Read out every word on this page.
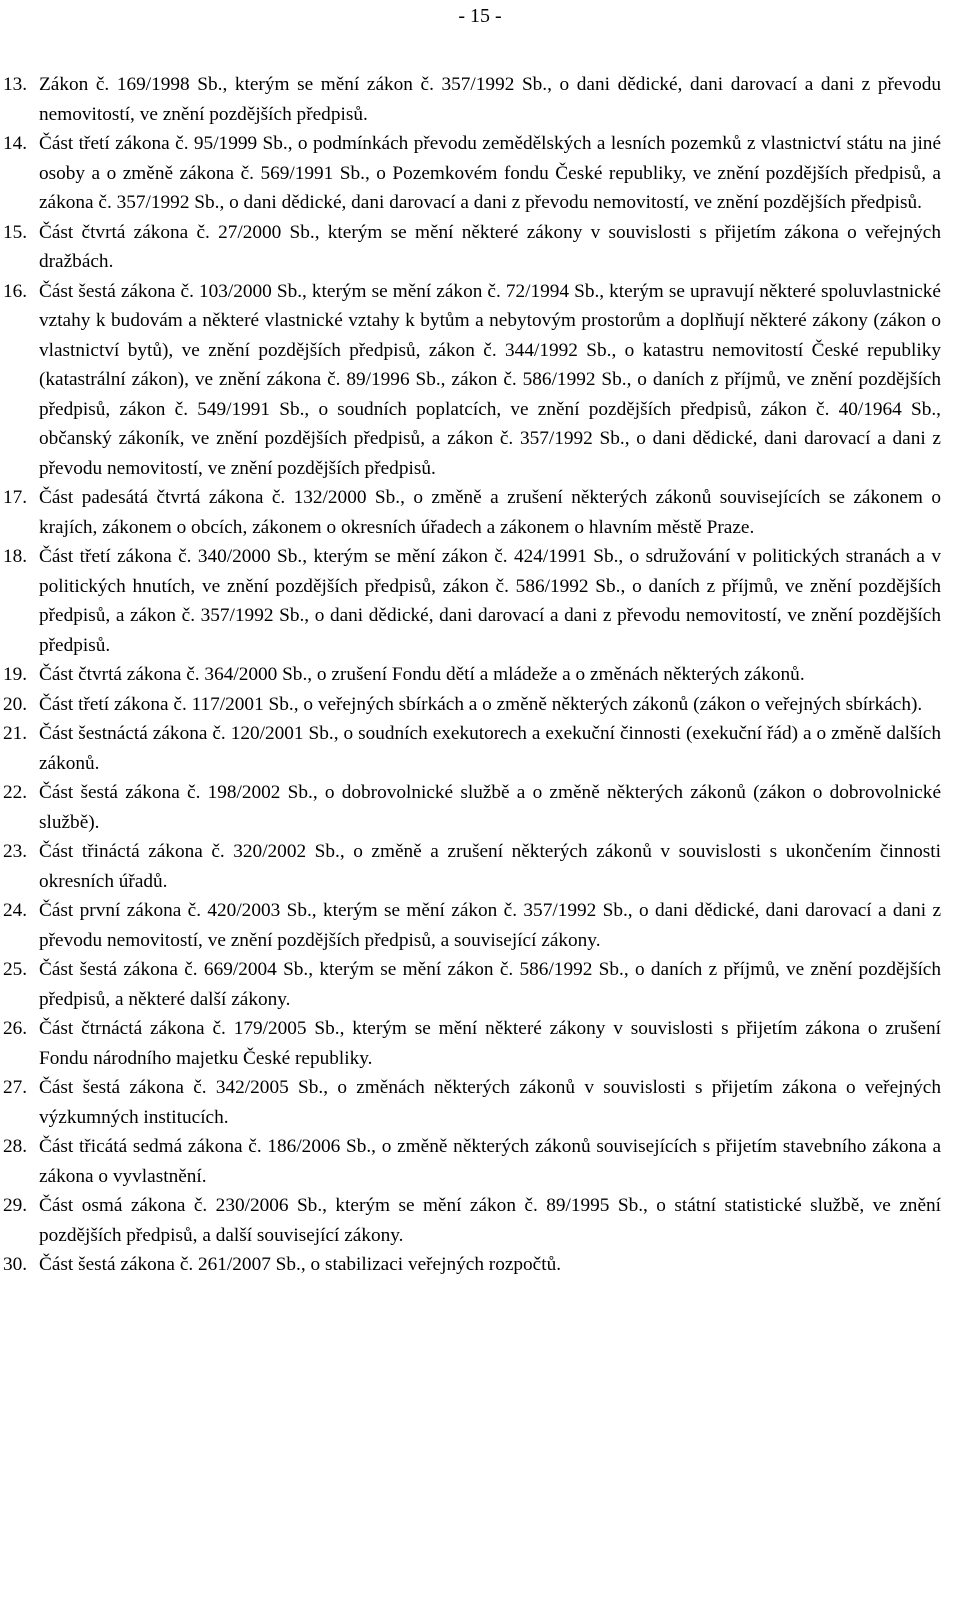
- 15 -
13. Zákon č. 169/1998 Sb., kterým se mění zákon č. 357/1992 Sb., o dani dědické, dani darovací a dani z převodu nemovitostí, ve znění pozdějších předpisů.
14. Část třetí zákona č. 95/1999 Sb., o podmínkách převodu zemědělských a lesních pozemků z vlastnictví státu na jiné osoby a o změně zákona č. 569/1991 Sb., o Pozemkovém fondu České republiky, ve znění pozdějších předpisů, a zákona č. 357/1992 Sb., o dani dědické, dani darovací a dani z převodu nemovitostí, ve znění pozdějších předpisů.
15. Část čtvrtá zákona č. 27/2000 Sb., kterým se mění některé zákony v souvislosti s přijetím zákona o veřejných dražbách.
16. Část šestá zákona č. 103/2000 Sb., kterým se mění zákon č. 72/1994 Sb., kterým se upravují některé spoluvlastnické vztahy k budovám a některé vlastnické vztahy k bytům a nebytovým prostorům a doplňují některé zákony (zákon o vlastnictví bytů), ve znění pozdějších předpisů, zákon č. 344/1992 Sb., o katastru nemovitostí České republiky (katastrální zákon), ve znění zákona č. 89/1996 Sb., zákon č. 586/1992 Sb., o daních z příjmů, ve znění pozdějších předpisů, zákon č. 549/1991 Sb., o soudních poplatcích, ve znění pozdějších předpisů, zákon č. 40/1964 Sb., občanský zákoník, ve znění pozdějších předpisů, a zákon č. 357/1992 Sb., o dani dědické, dani darovací a dani z převodu nemovitostí, ve znění pozdějších předpisů.
17. Část padesátá čtvrtá zákona č. 132/2000 Sb., o změně a zrušení některých zákonů souvisejících se zákonem o krajích, zákonem o obcích, zákonem o okresních úřadech a zákonem o hlavním městě Praze.
18. Část třetí zákona č. 340/2000 Sb., kterým se mění zákon č. 424/1991 Sb., o sdružování v politických stranách a v politických hnutích, ve znění pozdějších předpisů, zákon č. 586/1992 Sb., o daních z příjmů, ve znění pozdějších předpisů, a zákon č. 357/1992 Sb., o dani dědické, dani darovací a dani z převodu nemovitostí, ve znění pozdějších předpisů.
19. Část čtvrtá zákona č. 364/2000 Sb., o zrušení Fondu dětí a mládeže a o změnách některých zákonů.
20. Část třetí zákona č. 117/2001 Sb., o veřejných sbírkách a o změně některých zákonů (zákon o veřejných sbírkách).
21. Část šestnáctá zákona č. 120/2001 Sb., o soudních exekutorech a exekuční činnosti (exekuční řád) a o změně dalších zákonů.
22. Část šestá zákona č. 198/2002 Sb., o dobrovolnické službě a o změně některých zákonů (zákon o dobrovolnické službě).
23. Část třináctá zákona č. 320/2002 Sb., o změně a zrušení některých zákonů v souvislosti s ukončením činnosti okresních úřadů.
24. Část první zákona č. 420/2003 Sb., kterým se mění zákon č. 357/1992 Sb., o dani dědické, dani darovací a dani z převodu nemovitostí, ve znění pozdějších předpisů, a související zákony.
25. Část šestá zákona č. 669/2004 Sb., kterým se mění zákon č. 586/1992 Sb., o daních z příjmů, ve znění pozdějších předpisů, a některé další zákony.
26. Část čtrnáctá zákona č. 179/2005 Sb., kterým se mění některé zákony v souvislosti s přijetím zákona o zrušení Fondu národního majetku České republiky.
27. Část šestá zákona č. 342/2005 Sb., o změnách některých zákonů v souvislosti s přijetím zákona o veřejných výzkumných institucích.
28. Část třicátá sedmá zákona č. 186/2006 Sb., o změně některých zákonů souvisejících s přijetím stavebního zákona a zákona o vyvlastnění.
29. Část osmá zákona č. 230/2006 Sb., kterým se mění zákon č. 89/1995 Sb., o státní statistické službě, ve znění pozdějších předpisů, a další související zákony.
30. Část šestá zákona č. 261/2007 Sb., o stabilizaci veřejných rozpočtů.
